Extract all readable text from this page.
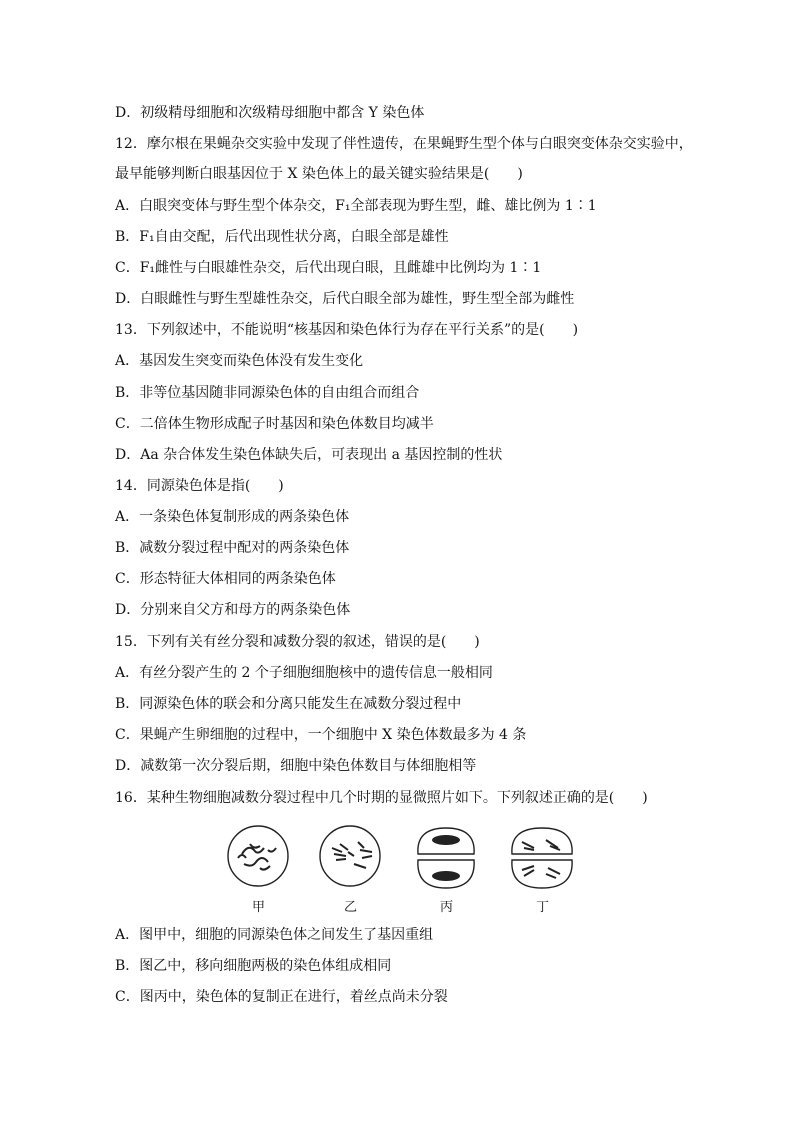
D．初级精母细胞和次级精母细胞中都含 Y 染色体
12．摩尔根在果蝇杂交实验中发现了伴性遗传，在果蝇野生型个体与白眼突变体杂交实验中，
最早能够判断白眼基因位于 X 染色体上的最关键实验结果是(　　)
A．白眼突变体与野生型个体杂交，F₁全部表现为野生型，雌、雄比例为 1∶1
B．F₁自由交配，后代出现性状分离，白眼全部是雄性
C．F₁雌性与白眼雄性杂交，后代出现白眼，且雌雄中比例均为 1∶1
D．白眼雌性与野生型雄性杂交，后代白眼全部为雄性，野生型全部为雌性
13．下列叙述中，不能说明“核基因和染色体行为存在平行关系”的是(　　)
A．基因发生突变而染色体没有发生变化
B．非等位基因随非同源染色体的自由组合而组合
C．二倍体生物形成配子时基因和染色体数目均减半
D．Aa 杂合体发生染色体缺失后，可表现出 a 基因控制的性状
14．同源染色体是指(　　)
A．一条染色体复制形成的两条染色体
B．减数分裂过程中配对的两条染色体
C．形态特征大体相同的两条染色体
D．分别来自父方和母方的两条染色体
15．下列有关有丝分裂和减数分裂的叙述，错误的是(　　)
A．有丝分裂产生的 2 个子细胞细胞核中的遗传信息一般相同
B．同源染色体的联会和分离只能发生在减数分裂过程中
C．果蝇产生卵细胞的过程中，一个细胞中 X 染色体数最多为 4 条
D．减数第一次分裂后期，细胞中染色体数目与体细胞相等
16．某种生物细胞减数分裂过程中几个时期的显微照片如下。下列叙述正确的是(　　)
甲	乙	丙	丁
A．图甲中，细胞的同源染色体之间发生了基因重组
B．图乙中，移向细胞两极的染色体组成相同
C．图丙中，染色体的复制正在进行，着丝点尚未分裂
